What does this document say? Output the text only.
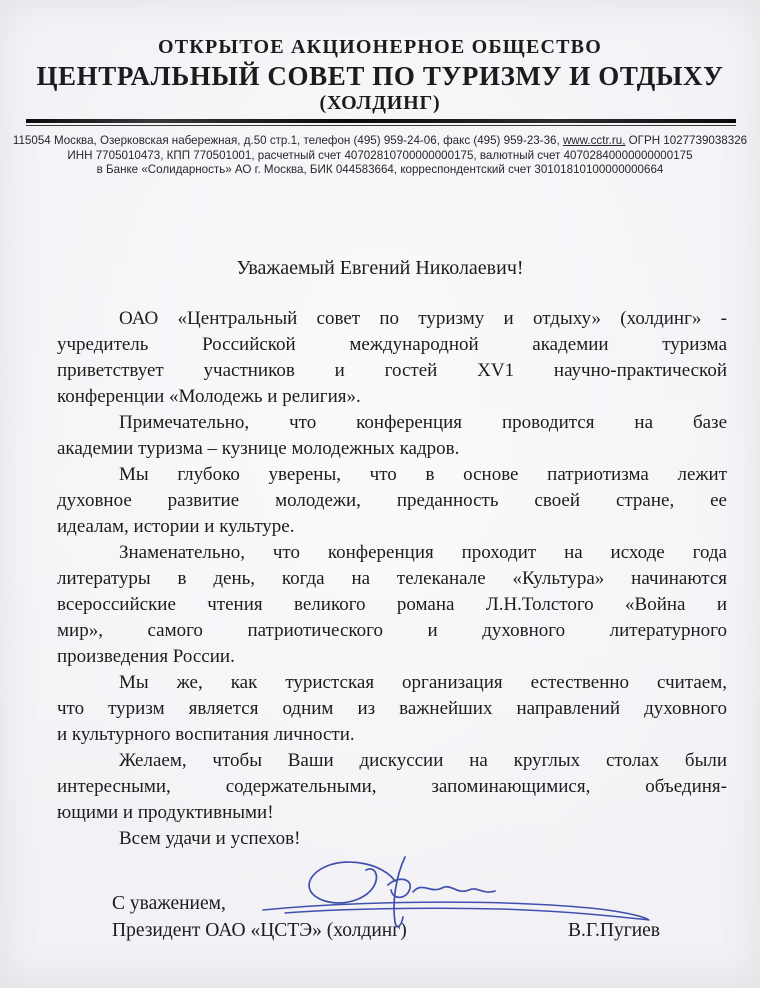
ОТКРЫТОЕ АКЦИОНЕРНОЕ ОБЩЕСТВО
ЦЕНТРАЛЬНЫЙ СОВЕТ ПО ТУРИЗМУ И ОТДЫХУ
(ХОЛДИНГ)
115054 Москва, Озерковская набережная, д.50 стр.1, телефон (495) 959-24-06, факс (495) 959-23-36, www.cctr.ru, ОГРН 1027739038326
ИНН 7705010473, КПП 770501001, расчетный счет 40702810700000000175, валютный счет 40702840000000000175
в Банке «Солидарность» АО г. Москва, БИК 044583664, корреспондентский счет 30101810100000000664
Уважаемый Евгений Николаевич!
ОАО «Центральный совет по туризму и отдыху» (холдинг» -
учредитель Российской международной академии туризма
приветствует участников и гостей XV1 научно-практической
конференции «Молодежь и религия».
Примечательно, что конференция проводится на базе
академии туризма – кузнице молодежных кадров.
Мы глубоко уверены, что в основе патриотизма лежит
духовное развитие молодежи, преданность своей стране, ее
идеалам, истории и культуре.
Знаменательно, что конференция проходит на исходе года
литературы в день, когда на телеканале «Культура» начинаются
всероссийские чтения великого романа Л.Н.Толстого «Война и
мир», самого патриотического и духовного литературного
произведения России.
Мы же, как туристская организация естественно считаем,
что туризм является одним из важнейших направлений духовного
и культурного воспитания личности.
Желаем, чтобы Ваши дискуссии на круглых столах были
интересными, содержательными, запоминающимися, объединя-
ющими и продуктивными!
Всем удачи и успехов!
С уважением,
Президент ОАО «ЦСТЭ» (холдинг)	В.Г.Пугиев
